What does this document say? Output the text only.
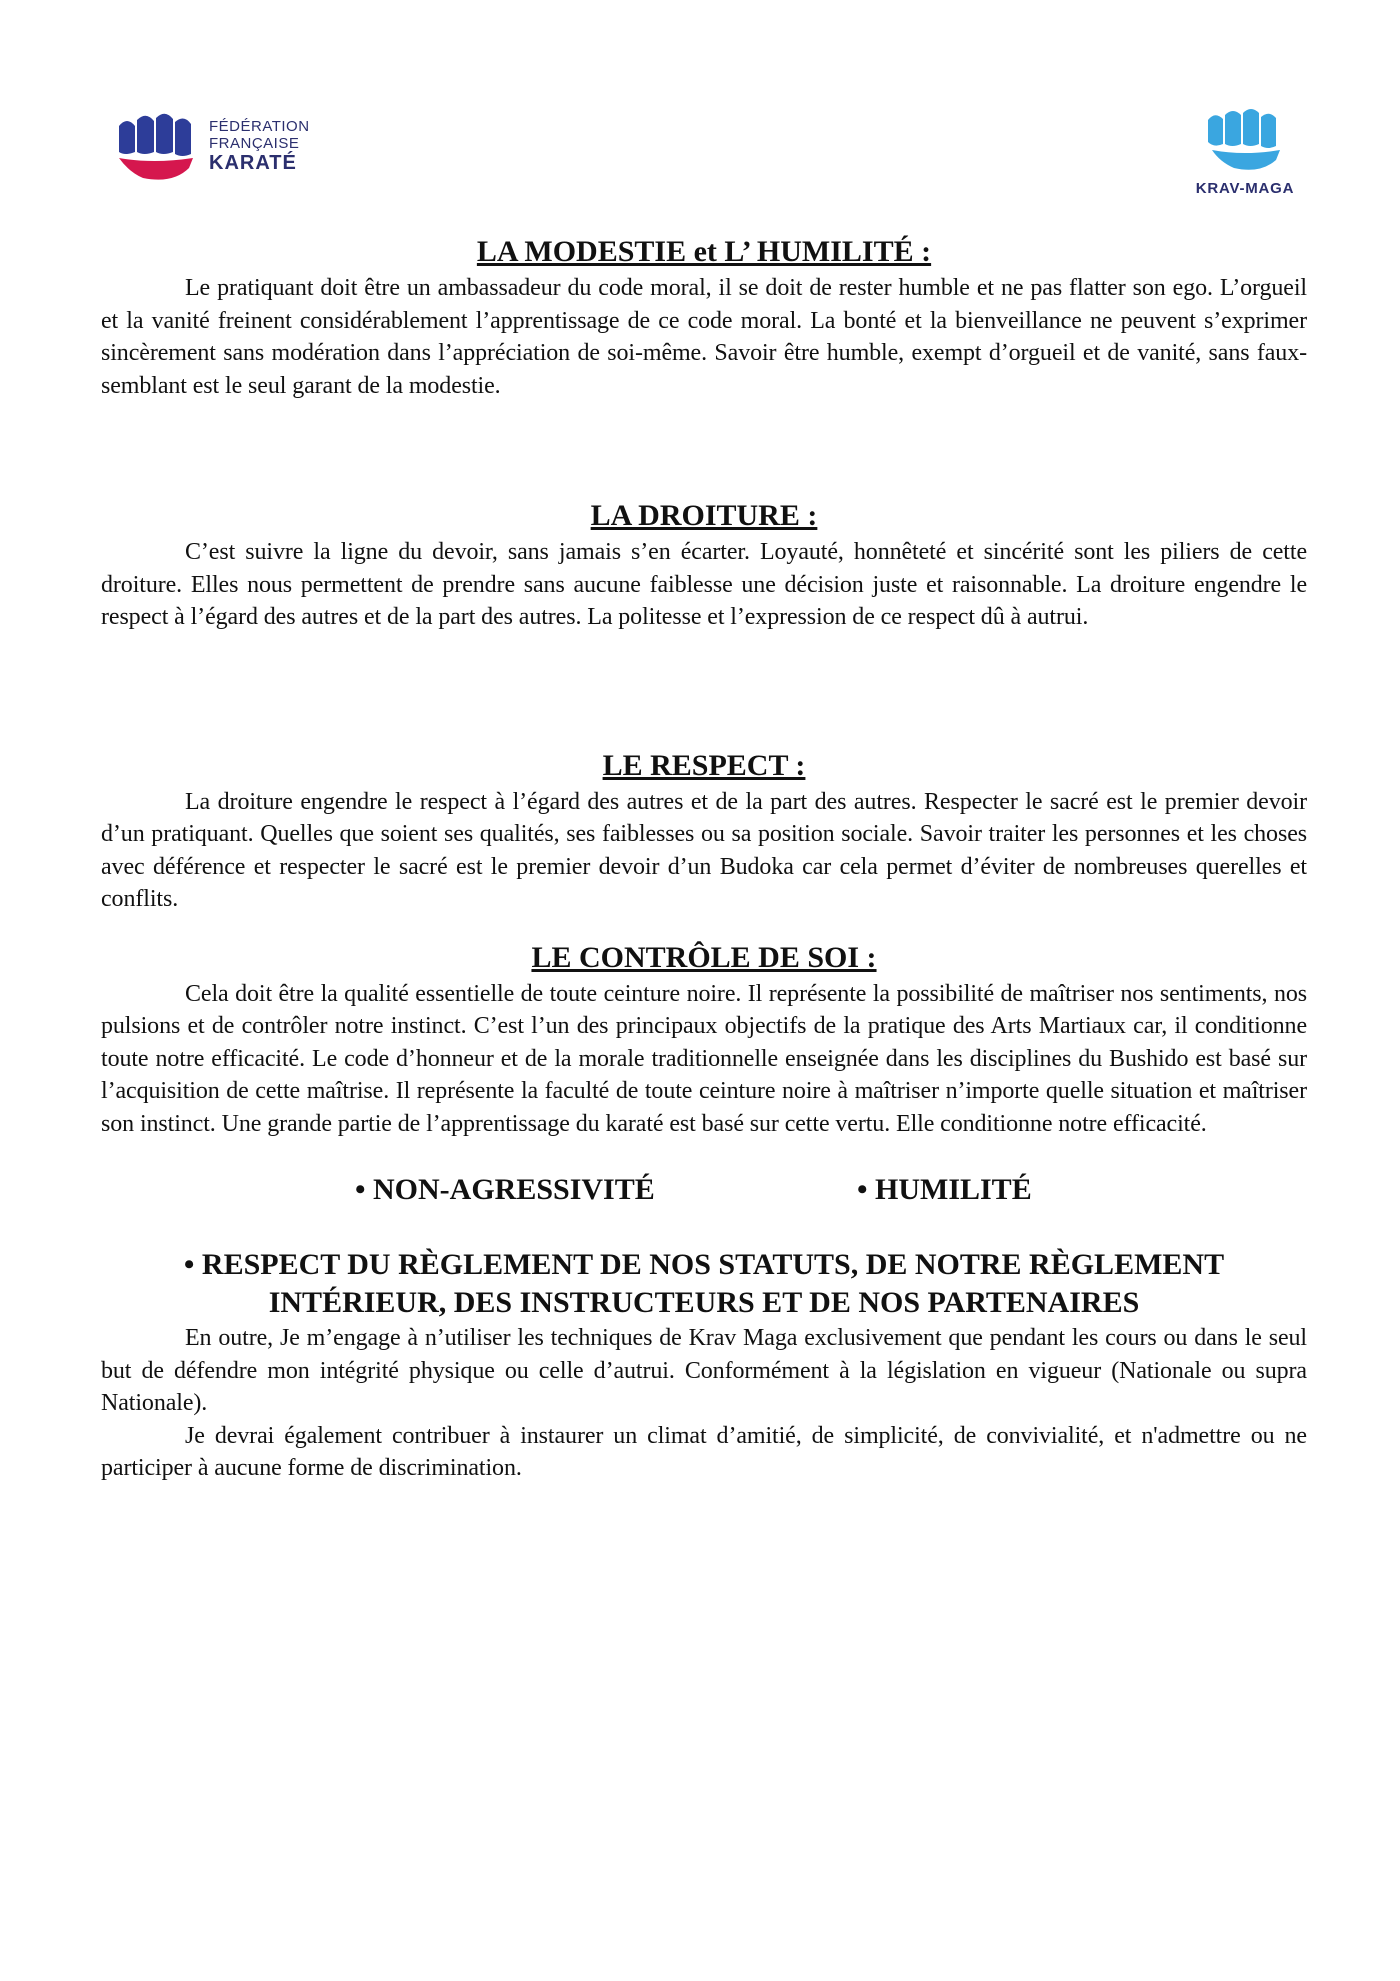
FÉDÉRATION
FRANÇAISE
KARATÉ
KRAV-MAGA
LA MODESTIE et L’ HUMILITÉ :

Le pratiquant doit être un ambassadeur du code moral, il se doit de rester humble et ne pas flatter son ego. L’orgueil et la vanité freinent considérablement l’apprentissage de ce code moral. La bonté et la bienveillance ne peuvent s’exprimer sincèrement sans modération dans l’appréciation de soi-même. Savoir être humble, exempt d’orgueil et de vanité, sans faux-semblant est le seul garant de la modestie.

LA DROITURE :

C’est suivre la ligne du devoir, sans jamais s’en écarter. Loyauté, honnêteté et sincérité sont les piliers de cette droiture. Elles nous permettent de prendre sans aucune faiblesse une décision juste et raisonnable. La droiture engendre le respect à l’égard des autres et de la part des autres. La politesse et l’expression de ce respect dû à autrui.

LE RESPECT :

La droiture engendre le respect à l’égard des autres et de la part des autres. Respecter le sacré est le premier devoir d’un pratiquant. Quelles que soient ses qualités, ses faiblesses ou sa position sociale. Savoir traiter les personnes et les choses avec déférence et respecter le sacré est le premier devoir d’un Budoka car cela permet d’éviter de nombreuses querelles et conflits.

LE CONTRÔLE DE SOI :

Cela doit être la qualité essentielle de toute ceinture noire. Il représente la possibilité de maîtriser nos sentiments, nos pulsions et de contrôler notre instinct. C’est l’un des principaux objectifs de la pratique des Arts Martiaux car, il conditionne toute notre efficacité. Le code d’honneur et de la morale traditionnelle enseignée dans les disciplines du Bushido est basé sur l’acquisition de cette maîtrise. Il représente la faculté de toute ceinture noire à maîtriser n’importe quelle situation et maîtriser son instinct. Une grande partie de l’apprentissage du karaté est basé sur cette vertu. Elle conditionne notre efficacité.

• NON-AGRESSIVITÉ	• HUMILITÉ
• RESPECT DU RÈGLEMENT DE NOS STATUTS, DE NOTRE RÈGLEMENT
INTÉRIEUR, DES INSTRUCTEURS ET DE NOS PARTENAIRES

En outre, Je m’engage à n’utiliser les techniques de Krav Maga exclusivement que pendant les cours ou dans le seul but de défendre mon intégrité physique ou celle d’autrui. Conformément à la législation en vigueur (Nationale ou supra Nationale).

Je devrai également contribuer à instaurer un climat d’amitié, de simplicité, de convivialité, et n'admettre ou ne participer à aucune forme de discrimination.
